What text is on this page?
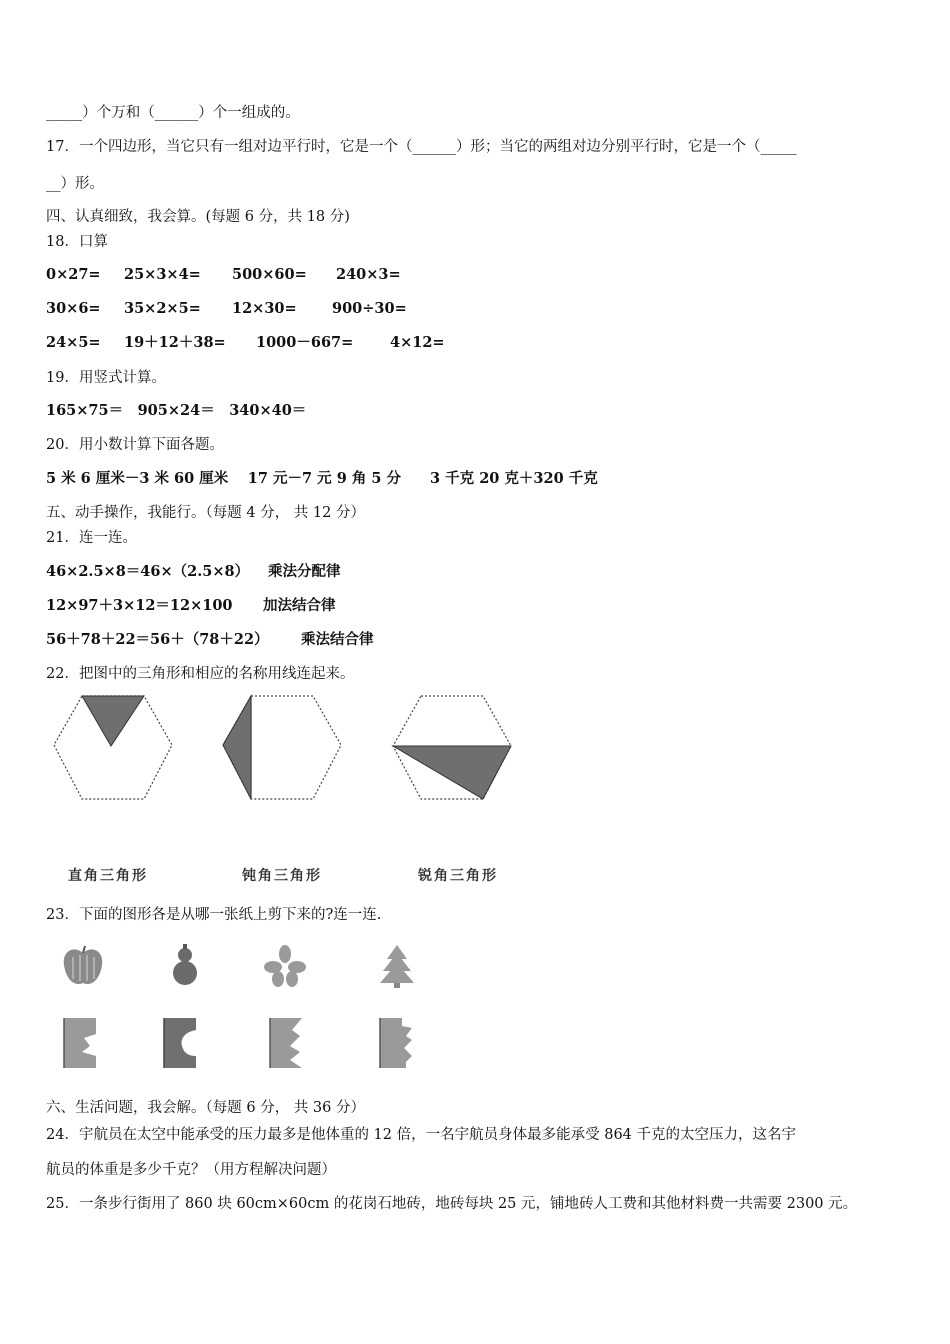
_____）个万和（______）个一组成的。
17．一个四边形，当它只有一组对边平行时，它是一个（______）形；当它的两组对边分别平行时，它是一个（_____
__）形。
四、认真细致，我会算。(每题 6 分，共 18 分)
18．口算
0×27= 25×3×4= 500×60= 240×3=
30×6= 35×2×5= 12×30= 900÷30=
24×5= 19＋12＋38= 1000－667=	4×12=
19．用竖式计算。
165×75＝　905×24＝　340×40＝
20．用小数计算下面各题。
5 米 6 厘米－3 米 60 厘米　 17 元－7 元 9 角 5 分　　3 千克 20 克＋320 千克
五、动手操作，我能行。（每题 4 分， 共 12 分）
21．连一连。
46×2.5×8＝46×（2.5×8） 乘法分配律
12×97＋3×12＝12×100 加法结合律
56＋78＋22＝56＋（78＋22） 乘法结合律
22．把图中的三角形和相应的名称用线连起来。
直角三角形	钝角三角形	锐角三角形
23．下面的图形各是从哪一张纸上剪下来的?连一连.
六、生活问题，我会解。（每题 6 分， 共 36 分）
24．宇航员在太空中能承受的压力最多是他体重的 12 倍，一名宇航员身体最多能承受 864 千克的太空压力，这名宇
航员的体重是多少千克？（用方程解决问题）
25．一条步行街用了 860 块 60cm×60cm 的花岗石地砖，地砖每块 25 元，铺地砖人工费和其他材料费一共需要 2300 元。
